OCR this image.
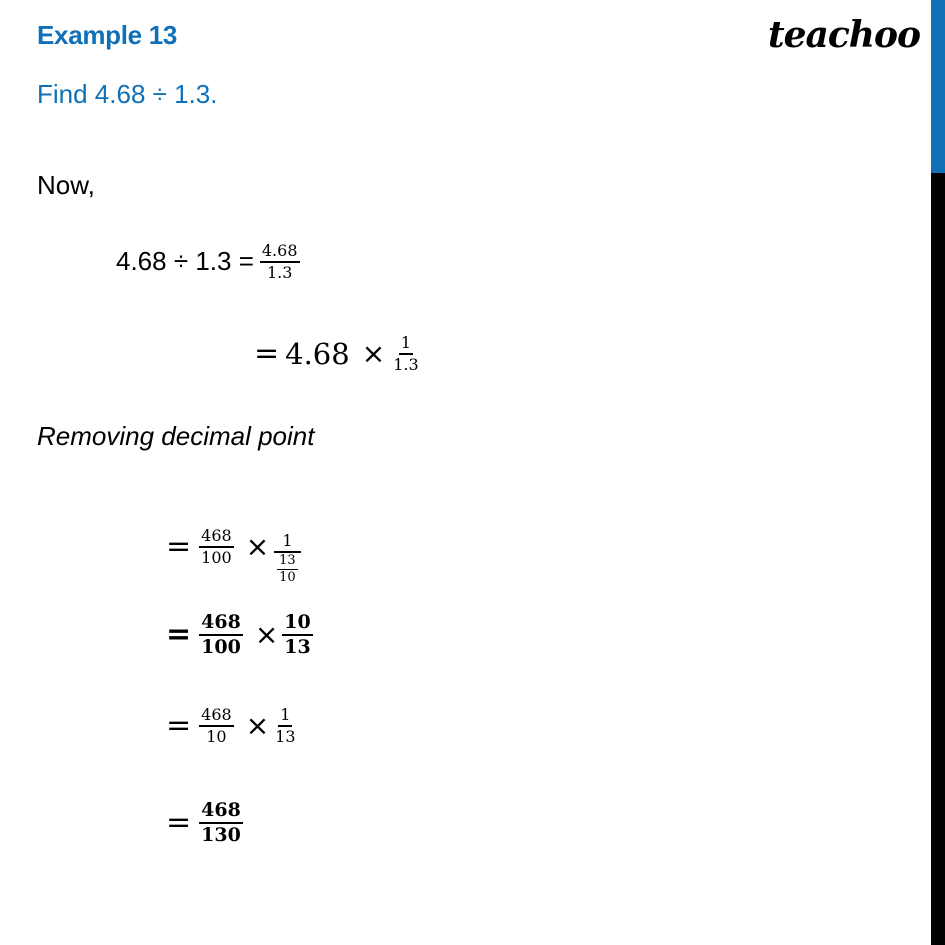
Example 13
Find 4.68 ÷ 1.3.
teachoo
Now,
$4.68 \div 1.3 = \frac{4.68}{1.3}$
= $4.68 \times \frac{1}{1.3}$
Removing decimal point
= $\frac{468}{100} \times \frac{1}{\frac{13}{10}}$
= $\frac{468}{100} \times \frac{10}{13}$
= $\frac{468}{10} \times \frac{1}{13}$
= $\frac{468}{130}$
